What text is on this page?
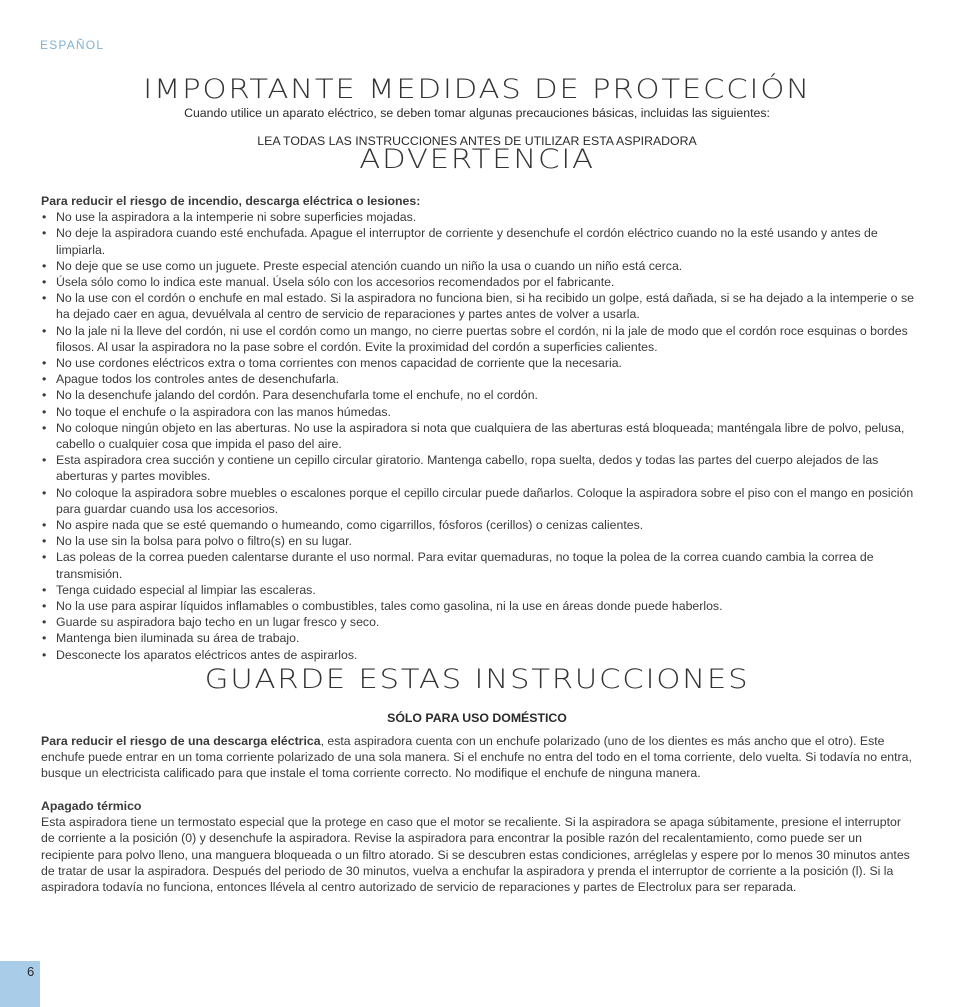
ESPAÑOL
IMPORTANTE MEDIDAS DE PROTECCIÓN
Cuando utilice un aparato eléctrico, se deben tomar algunas precauciones básicas, incluidas las siguientes:
LEA TODAS LAS INSTRUCCIONES ANTES DE UTILIZAR ESTA ASPIRADORA
ADVERTENCIA
Para reducir el riesgo de incendio, descarga eléctrica o lesiones:
• No use la aspiradora a la intemperie ni sobre superficies mojadas.
• No deje la aspiradora cuando esté enchufada. Apague el interruptor de corriente y desenchufe el cordón eléctrico cuando no la esté usando y antes de limpiarla.
• No deje que se use como un juguete. Preste especial atención cuando un niño la usa o cuando un niño está cerca.
• Úsela sólo como lo indica este manual. Úsela sólo con los accesorios recomendados por el fabricante.
• No la use con el cordón o enchufe en mal estado. Si la aspiradora no funciona bien, si ha recibido un golpe, está dañada, si se ha dejado a la intemperie o se ha dejado caer en agua, devuélvala al centro de servicio de reparaciones y partes antes de volver a usarla.
• No la jale ni la lleve del cordón, ni use el cordón como un mango, no cierre puertas sobre el cordón, ni la jale de modo que el cordón roce esquinas o bordes filosos. Al usar la aspiradora no la pase sobre el cordón. Evite la proximidad del cordón a superficies calientes.
• No use cordones eléctricos extra o toma corrientes con menos capacidad de corriente que la necesaria.
• Apague todos los controles antes de desenchufarla.
• No la desenchufe jalando del cordón. Para desenchufarla tome el enchufe, no el cordón.
• No toque el enchufe o la aspiradora con las manos húmedas.
• No coloque ningún objeto en las aberturas. No use la aspiradora si nota que cualquiera de las aberturas está bloqueada; manténgala libre de polvo, pelusa, cabello o cualquier cosa que impida el paso del aire.
• Esta aspiradora crea succión y contiene un cepillo circular giratorio. Mantenga cabello, ropa suelta, dedos y todas las partes del cuerpo alejados de las aberturas y partes movibles.
• No coloque la aspiradora sobre muebles o escalones porque el cepillo circular puede dañarlos. Coloque la aspiradora sobre el piso con el mango en posición para guardar cuando usa los accesorios.
• No aspire nada que se esté quemando o humeando, como cigarrillos, fósforos (cerillos) o cenizas calientes.
• No la use sin la bolsa para polvo o filtro(s) en su lugar.
• Las poleas de la correa pueden calentarse durante el uso normal. Para evitar quemaduras, no toque la polea de la correa cuando cambia la correa de transmisión.
• Tenga cuidado especial al limpiar las escaleras.
• No la use para aspirar líquidos inflamables o combustibles, tales como gasolina, ni la use en áreas donde puede haberlos.
• Guarde su aspiradora bajo techo en un lugar fresco y seco.
• Mantenga bien iluminada su área de trabajo.
• Desconecte los aparatos eléctricos antes de aspirarlos.
GUARDE ESTAS INSTRUCCIONES
SÓLO PARA USO DOMÉSTICO
Para reducir el riesgo de una descarga eléctrica, esta aspiradora cuenta con un enchufe polarizado (uno de los dientes es más ancho que el otro). Este enchufe puede entrar en un toma corriente polarizado de una sola manera. Si el enchufe no entra del todo en el toma corriente, delo vuelta. Si todavía no entra, busque un electricista calificado para que instale el toma corriente correcto. No modifique el enchufe de ninguna manera.
Apagado térmico
Esta aspiradora tiene un termostato especial que la protege en caso que el motor se recaliente. Si la aspiradora se apaga súbitamente, presione el interruptor de corriente a la posición (0) y desenchufe la aspiradora. Revise la aspiradora para encontrar la posible razón del recalentamiento, como puede ser un recipiente para polvo lleno, una manguera bloqueada o un filtro atorado. Si se descubren estas condiciones, arréglelas y espere por lo menos 30 minutos antes de tratar de usar la aspiradora. Después del periodo de 30 minutos, vuelva a enchufar la aspiradora y prenda el interruptor de corriente a la posición (l). Si la aspiradora todavía no funciona, entonces llévela al centro autorizado de servicio de reparaciones y partes de Electrolux para ser reparada.
6
